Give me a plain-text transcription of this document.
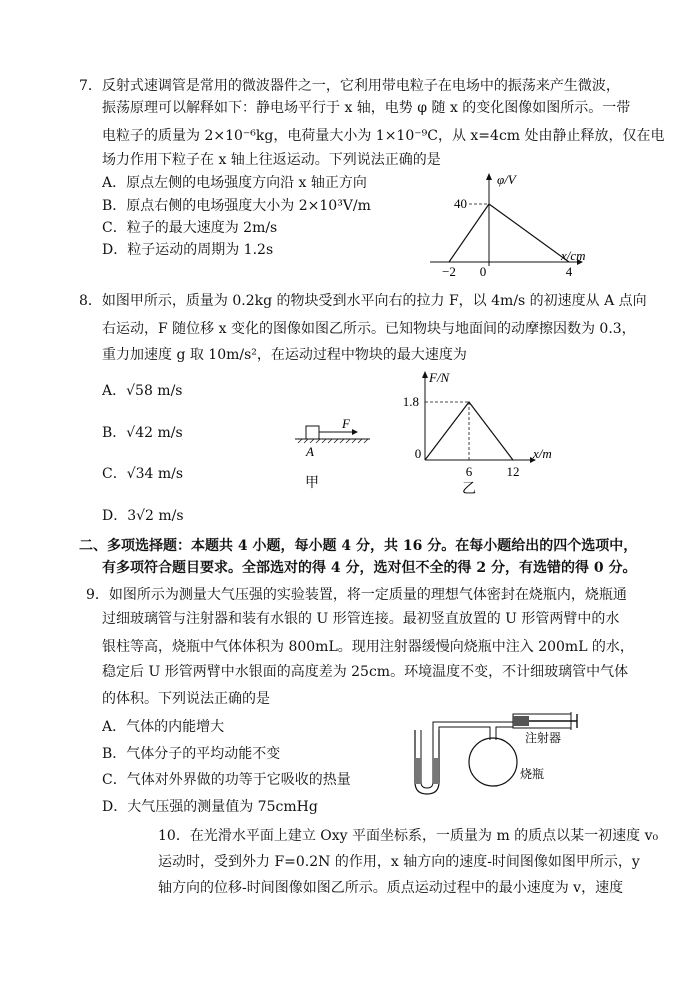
7．反射式速调管是常用的微波器件之一，它利用带电粒子在电场中的振荡来产生微波，
振荡原理可以解释如下：静电场平行于 x 轴，电势 φ 随 x 的变化图像如图所示。一带
电粒子的质量为 2×10⁻⁶kg，电荷量大小为 1×10⁻⁹C，从 x=4cm 处由静止释放，仅在电
场力作用下粒子在 x 轴上往返运动。下列说法正确的是
A．原点左侧的电场强度方向沿 x 轴正方向
B．原点右侧的电场强度大小为 2×10³V/m
C．粒子的最大速度为 2m/s
D．粒子运动的周期为 1.2s
φ/V
x/cm
40
−2 0	4
8．如图甲所示，质量为 0.2kg 的物块受到水平向右的拉力 F，以 4m/s 的初速度从 A 点向
右运动，F 随位移 x 变化的图像如图乙所示。已知物块与地面间的动摩擦因数为 0.3，
重力加速度 g 取 10m/s²，在运动过程中物块的最大速度为
A．√58 m/s
B．√42 m/s
C．√34 m/s
D．3√2 m/s
F
A
甲
F/N
x/m
1.8
0
6	12
乙
二、多项选择题：本题共 4 小题，每小题 4 分，共 16 分。在每小题给出的四个选项中，
有多项符合题目要求。全部选对的得 4 分，选对但不全的得 2 分，有选错的得 0 分。
9．如图所示为测量大气压强的实验装置，将一定质量的理想气体密封在烧瓶内，烧瓶通
过细玻璃管与注射器和装有水银的 U 形管连接。最初竖直放置的 U 形管两臂中的水
银柱等高，烧瓶中气体体积为 800mL。现用注射器缓慢向烧瓶中注入 200mL 的水，
稳定后 U 形管两臂中水银面的高度差为 25cm。环境温度不变，不计细玻璃管中气体
的体积。下列说法正确的是
A．气体的内能增大
B．气体分子的平均动能不变
C．气体对外界做的功等于它吸收的热量
D．大气压强的测量值为 75cmHg
注射器
烧瓶
10．在光滑水平面上建立 Oxy 平面坐标系，一质量为 m 的质点以某一初速度 v₀
运动时，受到外力 F=0.2N 的作用，x 轴方向的速度-时间图像如图甲所示，y
轴方向的位移-时间图像如图乙所示。质点运动过程中的最小速度为 v，速度
